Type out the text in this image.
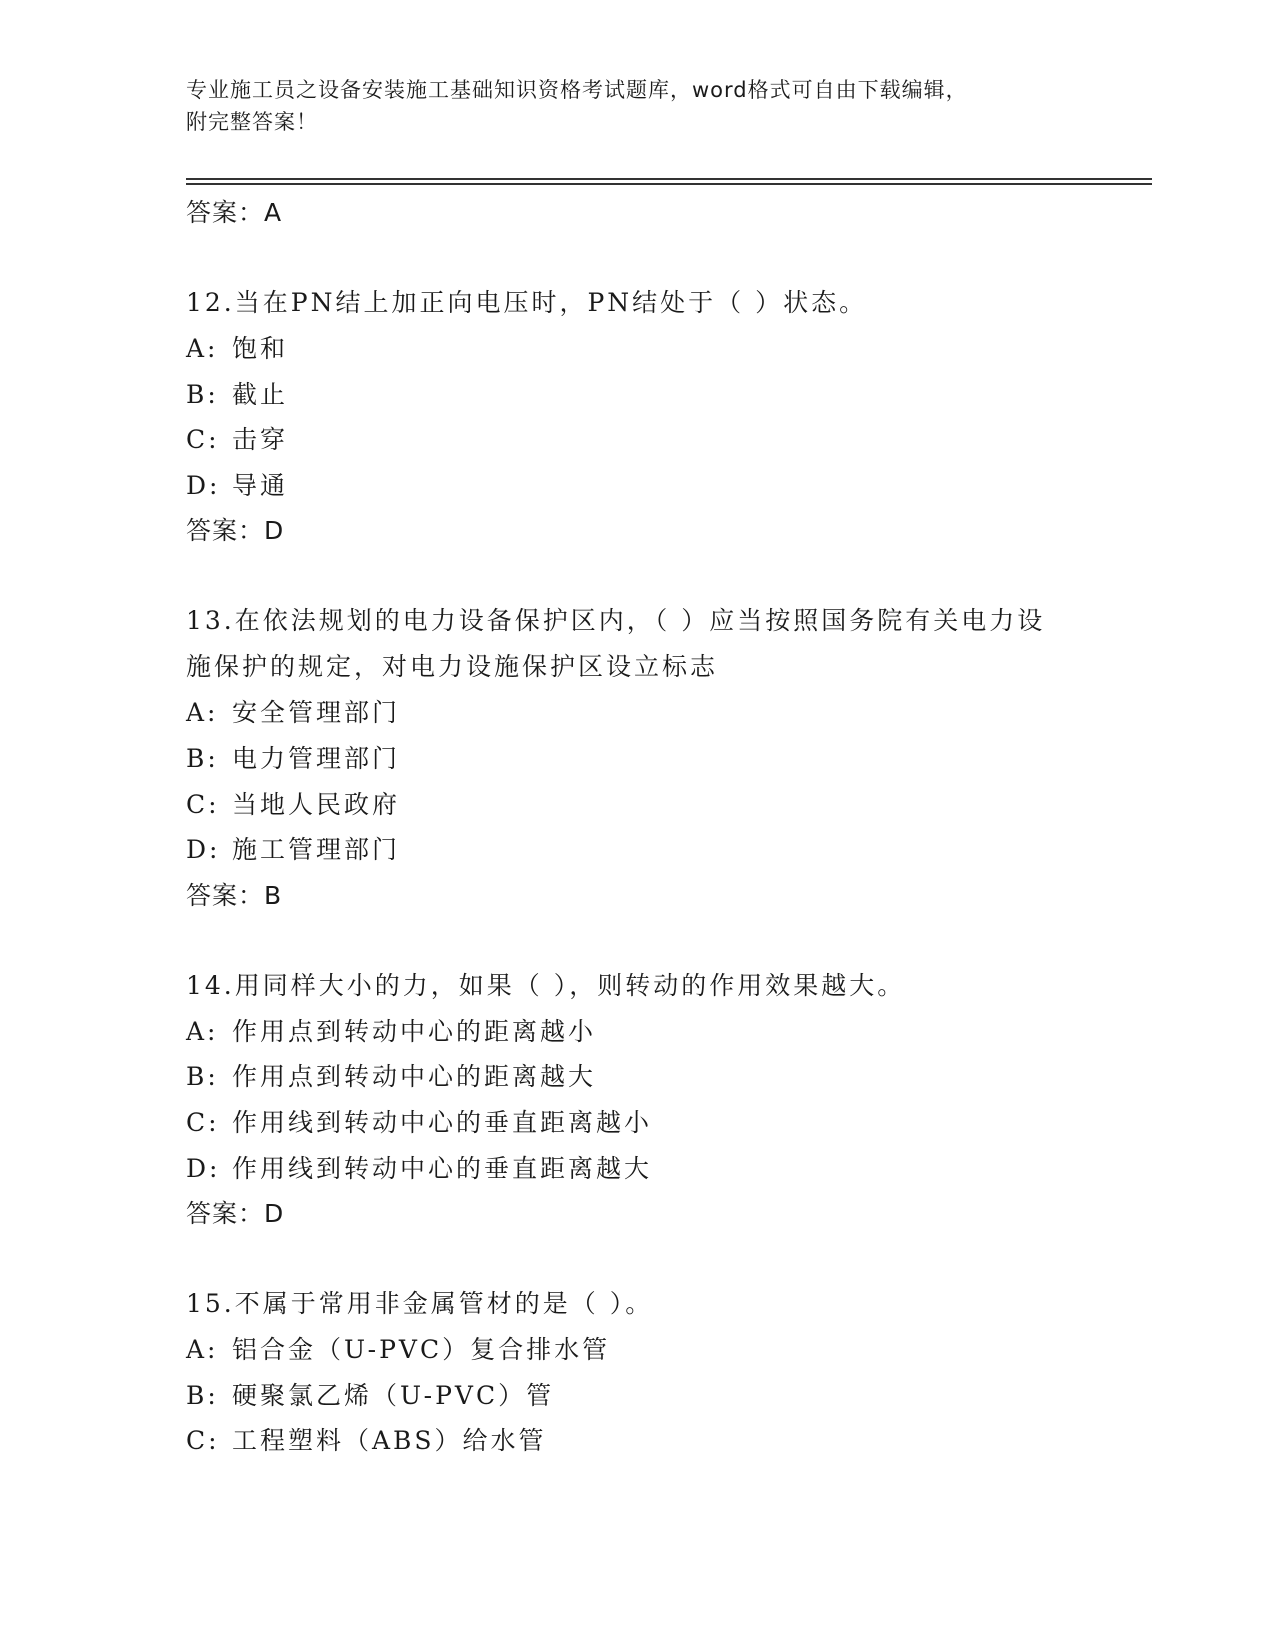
专业施工员之设备安装施工基础知识资格考试题库，word格式可自由下载编辑，
附完整答案！
答案：A
12.当在PN结上加正向电压时，PN结处于（ ）状态。
A: 饱和
B: 截止
C: 击穿
D: 导通
答案：D
13.在依法规划的电力设备保护区内，（ ）应当按照国务院有关电力设施保护的规定，对电力设施保护区设立标志
A: 安全管理部门
B: 电力管理部门
C: 当地人民政府
D: 施工管理部门
答案：B
14.用同样大小的力，如果（ ），则转动的作用效果越大。
A: 作用点到转动中心的距离越小
B: 作用点到转动中心的距离越大
C: 作用线到转动中心的垂直距离越小
D: 作用线到转动中心的垂直距离越大
答案：D
15.不属于常用非金属管材的是（ ）。
A: 铝合金（U-PVC）复合排水管
B: 硬聚氯乙烯（U-PVC）管
C: 工程塑料（ABS）给水管
